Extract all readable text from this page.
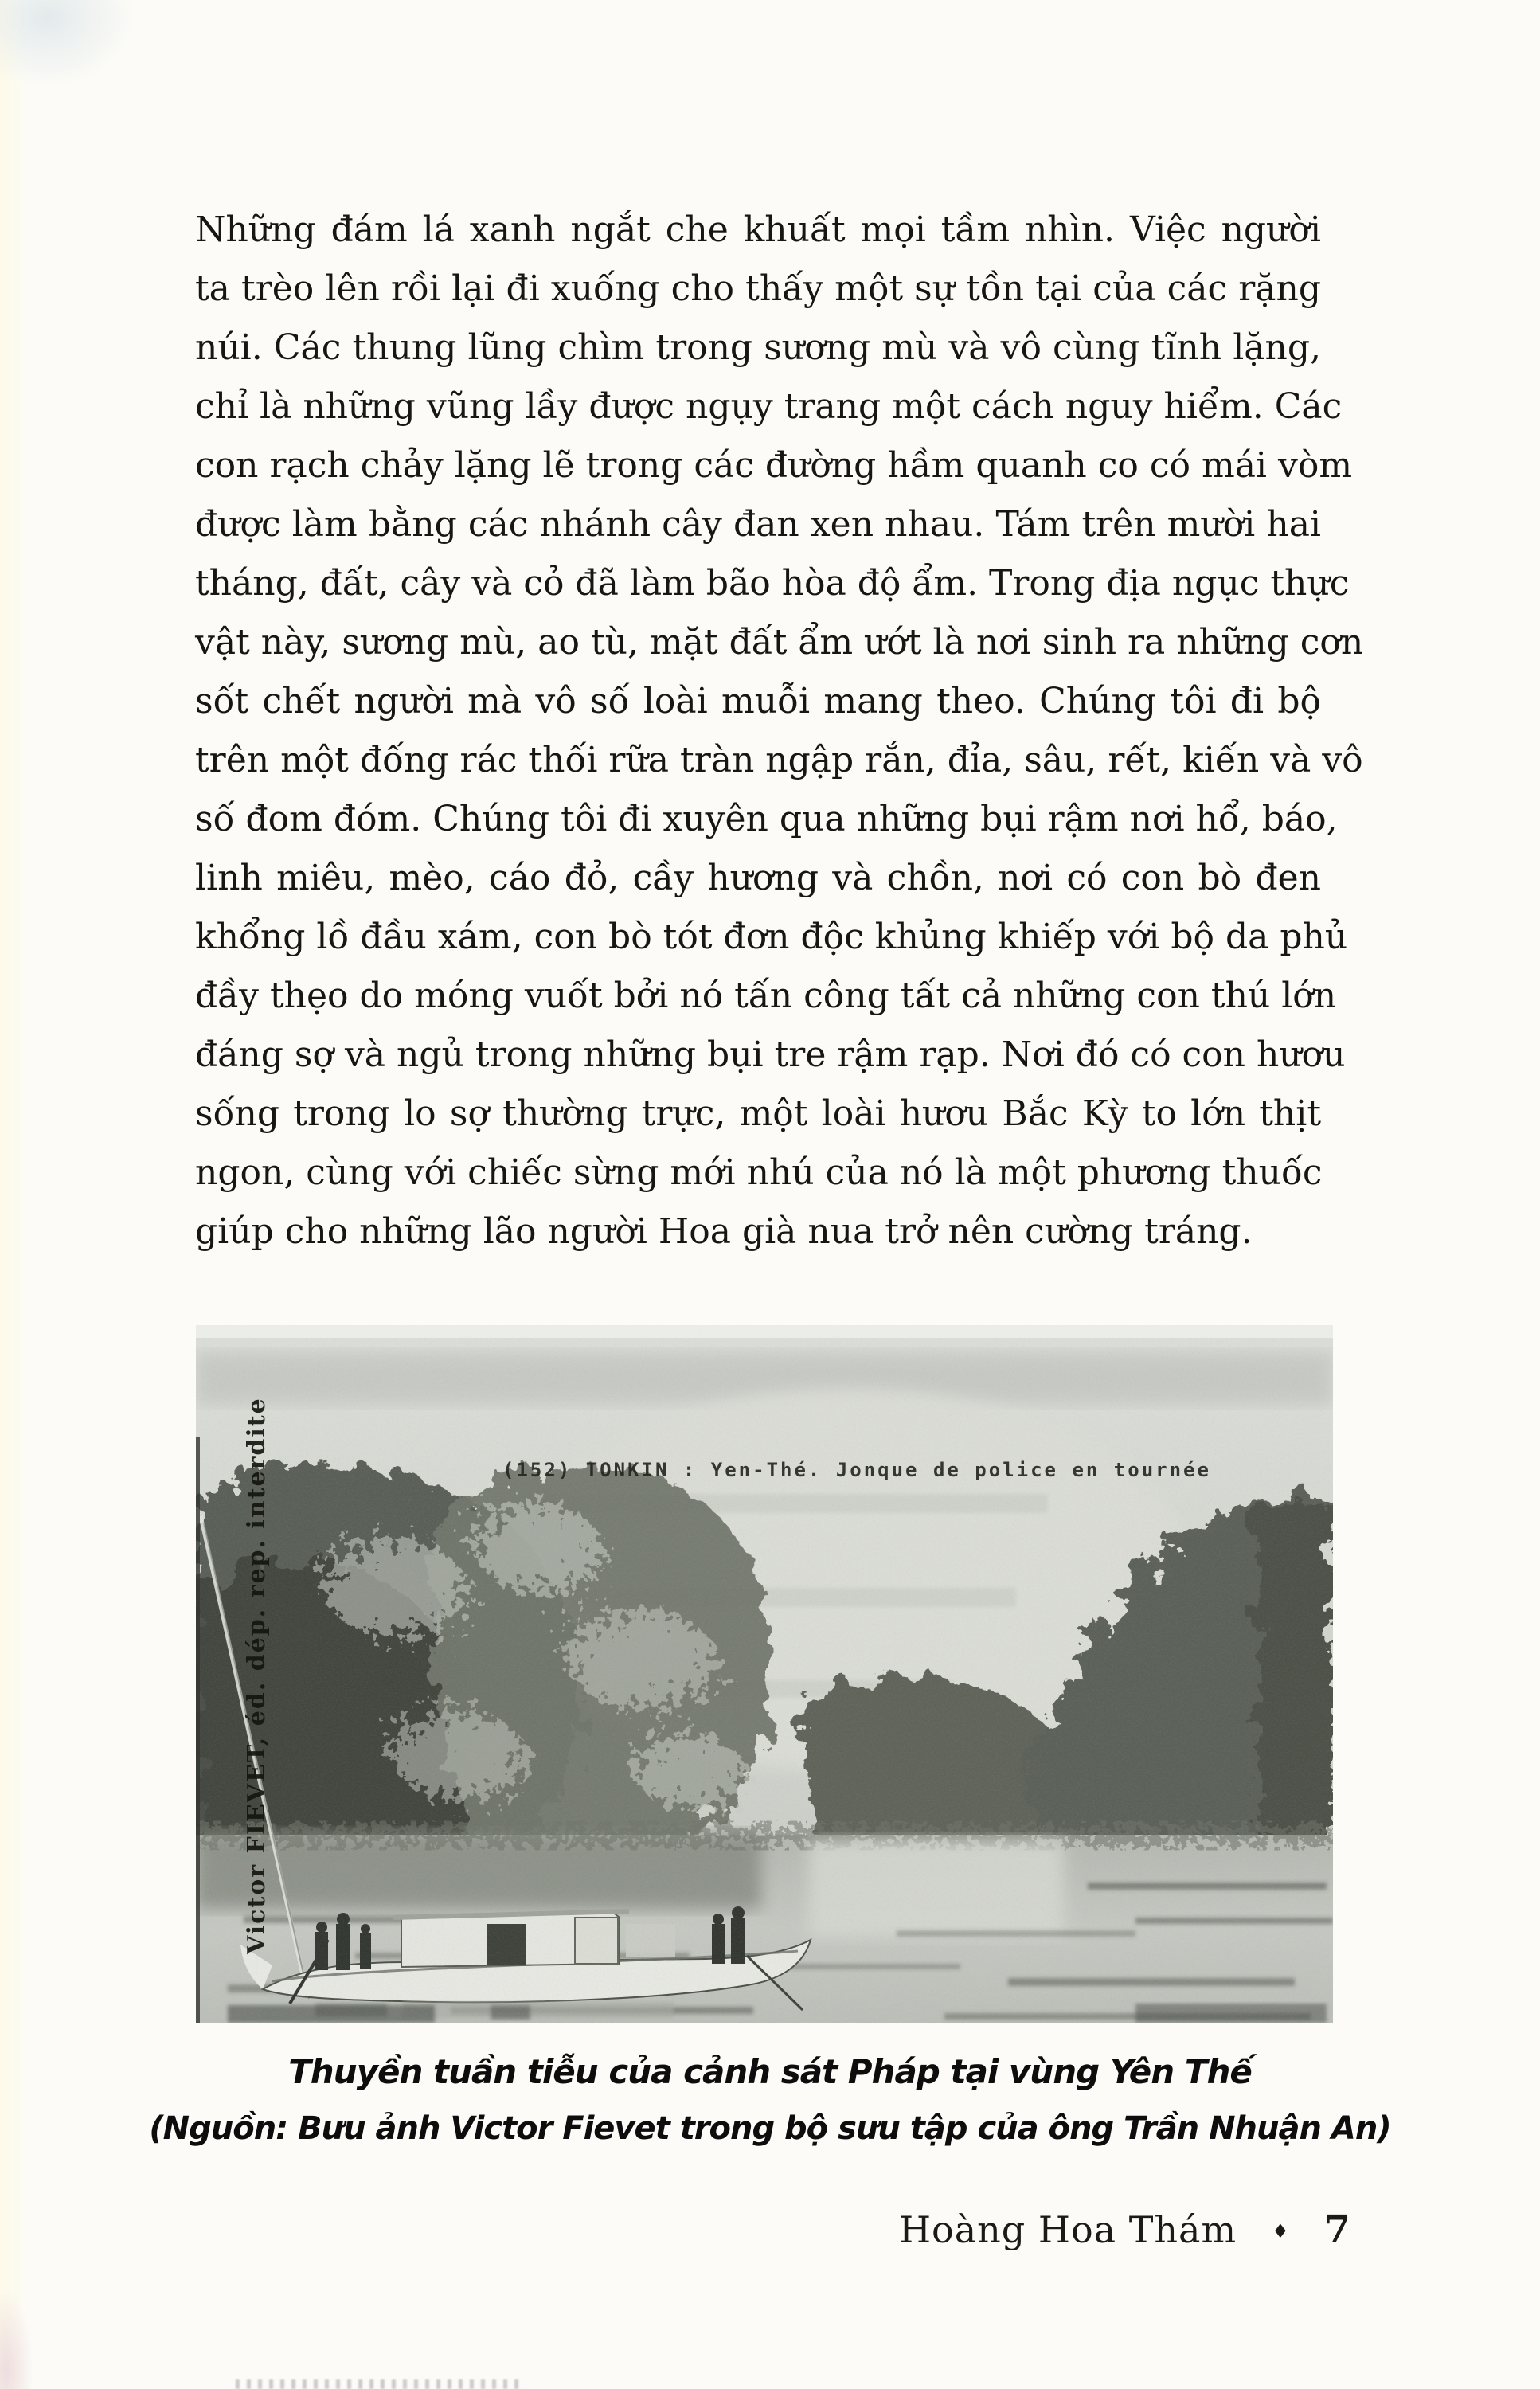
Những đám lá xanh ngắt che khuất mọi tầm nhìn. Việc người
ta trèo lên rồi lại đi xuống cho thấy một sự tồn tại của các rặng
núi. Các thung lũng chìm trong sương mù và vô cùng tĩnh lặng,
chỉ là những vũng lầy được ngụy trang một cách nguy hiểm. Các
con rạch chảy lặng lẽ trong các đường hầm quanh co có mái vòm
được làm bằng các nhánh cây đan xen nhau. Tám trên mười hai
tháng, đất, cây và cỏ đã làm bão hòa độ ẩm. Trong địa ngục thực
vật này, sương mù, ao tù, mặt đất ẩm ướt là nơi sinh ra những cơn
sốt chết người mà vô số loài muỗi mang theo. Chúng tôi đi bộ
trên một đống rác thối rữa tràn ngập rắn, đỉa, sâu, rết, kiến và vô
số đom đóm. Chúng tôi đi xuyên qua những bụi rậm nơi hổ, báo,
linh miêu, mèo, cáo đỏ, cầy hương và chồn, nơi có con bò đen
khổng lồ đầu xám, con bò tót đơn độc khủng khiếp với bộ da phủ
đầy thẹo do móng vuốt bởi nó tấn công tất cả những con thú lớn
đáng sợ và ngủ trong những bụi tre rậm rạp. Nơi đó có con hươu
sống trong lo sợ thường trực, một loài hươu Bắc Kỳ to lớn thịt
ngon, cùng với chiếc sừng mới nhú của nó là một phương thuốc
giúp cho những lão người Hoa già nua trở nên cường tráng.
(152) TONKIN : Yen-Thé. Jonque de police en tournée
Victor FIEVET, éd. dép. rep. interdite
Thuyền tuần tiễu của cảnh sát Pháp tại vùng Yên Thế
(Nguồn: Bưu ảnh Victor Fievet trong bộ sưu tập của ông Trần Nhuận An)
Hoàng Hoa Thám ♦ 7
